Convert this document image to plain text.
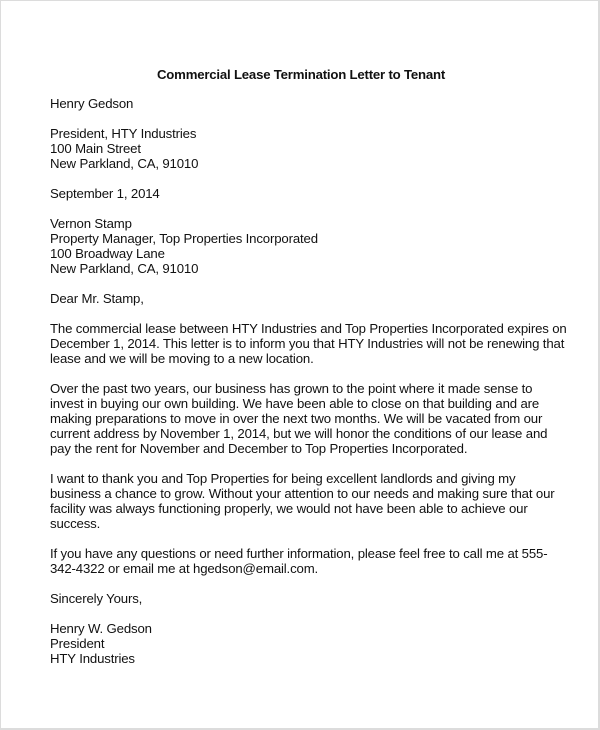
Commercial Lease Termination Letter to Tenant
Henry Gedson
President, HTY Industries
100 Main Street
New Parkland, CA, 91010
September 1, 2014
Vernon Stamp
Property Manager, Top Properties Incorporated
100 Broadway Lane
New Parkland, CA, 91010
Dear Mr. Stamp,

The commercial lease between HTY Industries and Top Properties Incorporated expires on
December 1, 2014. This letter is to inform you that HTY Industries will not be renewing that
lease and we will be moving to a new location.

Over the past two years, our business has grown to the point where it made sense to
invest in buying our own building. We have been able to close on that building and are
making preparations to move in over the next two months. We will be vacated from our
current address by November 1, 2014, but we will honor the conditions of our lease and
pay the rent for November and December to Top Properties Incorporated.

I want to thank you and Top Properties for being excellent landlords and giving my
business a chance to grow. Without your attention to our needs and making sure that our
facility was always functioning properly, we would not have been able to achieve our
success.

If you have any questions or need further information, please feel free to call me at 555-
342-4322 or email me at hgedson@email.com.

Sincerely Yours,
Henry W. Gedson
President
HTY Industries
